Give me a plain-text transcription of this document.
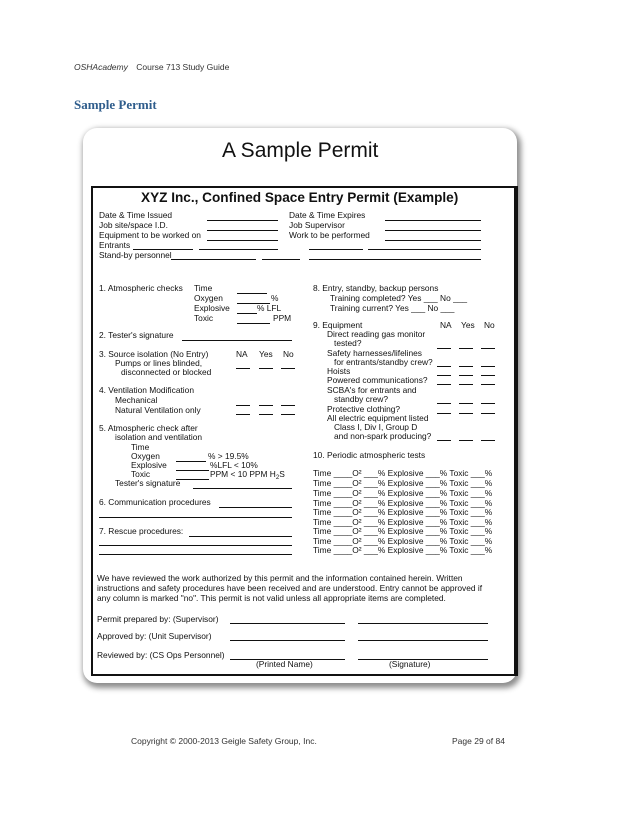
OSHAcademy Course 713 Study Guide
Sample Permit
A Sample Permit
XYZ Inc., Confined Space Entry Permit (Example)
Date & Time Issued
Job site/space I.D.
Equipment to be worked on
Entrants
Stand-by personnel
Date & Time Expires
Job Supervisor
Work to be performed
1. Atmospheric checks Time
Oxygen	%
Explosive	% LFL
Toxic	PPM
2. Tester's signature
3. Source isolation (No Entry)	NA Yes No
Pumps or lines blinded,
disconnected or blocked
4. Ventilation Modification
Mechanical
Natural Ventilation only
5. Atmospheric check after
isolation and ventilation
Time
Oxygen	% > 19.5%
Explosive	%LFL < 10%
Toxic	PPM < 10 PPM $H_2S$
Tester's signature
6. Communication procedures
7. Rescue procedures:
8. Entry, standby, backup persons
Training completed? Yes ___ No ___
Training current? Yes ___ No ___
9. Equipment	NA Yes No
Direct reading gas monitor
tested?
Safety harnesses/lifelines
for entrants/standby crew?
Hoists
Powered communications?
SCBA's for entrants and
standby crew?
Protective clothing?
All electric equipment listed
Class I, Div I, Group D
and non-spark producing?
10. Periodic atmospheric tests
Time ____O² ___% Explosive ___% Toxic ___%
Time ____O² ___% Explosive ___% Toxic ___%
Time ____O² ___% Explosive ___% Toxic ___%
Time ____O² ___% Explosive ___% Toxic ___%
Time ____O² ___% Explosive ___% Toxic ___%
Time ____O² ___% Explosive ___% Toxic ___%
Time ____O² ___% Explosive ___% Toxic ___%
Time ____O² ___% Explosive ___% Toxic ___%
Time ____O² ___% Explosive ___% Toxic ___%
We have reviewed the work authorized by this permit and the information contained herein. Written
instructions and safety procedures have been received and are understood. Entry cannot be approved if
any column is marked "no". This permit is not valid unless all appropriate items are completed.
Permit prepared by: (Supervisor)
Approved by: (Unit Supervisor)
Reviewed by: (CS Ops Personnel)
(Printed Name)	(Signature)
Copyright © 2000-2013 Geigle Safety Group, Inc.	Page 29 of 84
